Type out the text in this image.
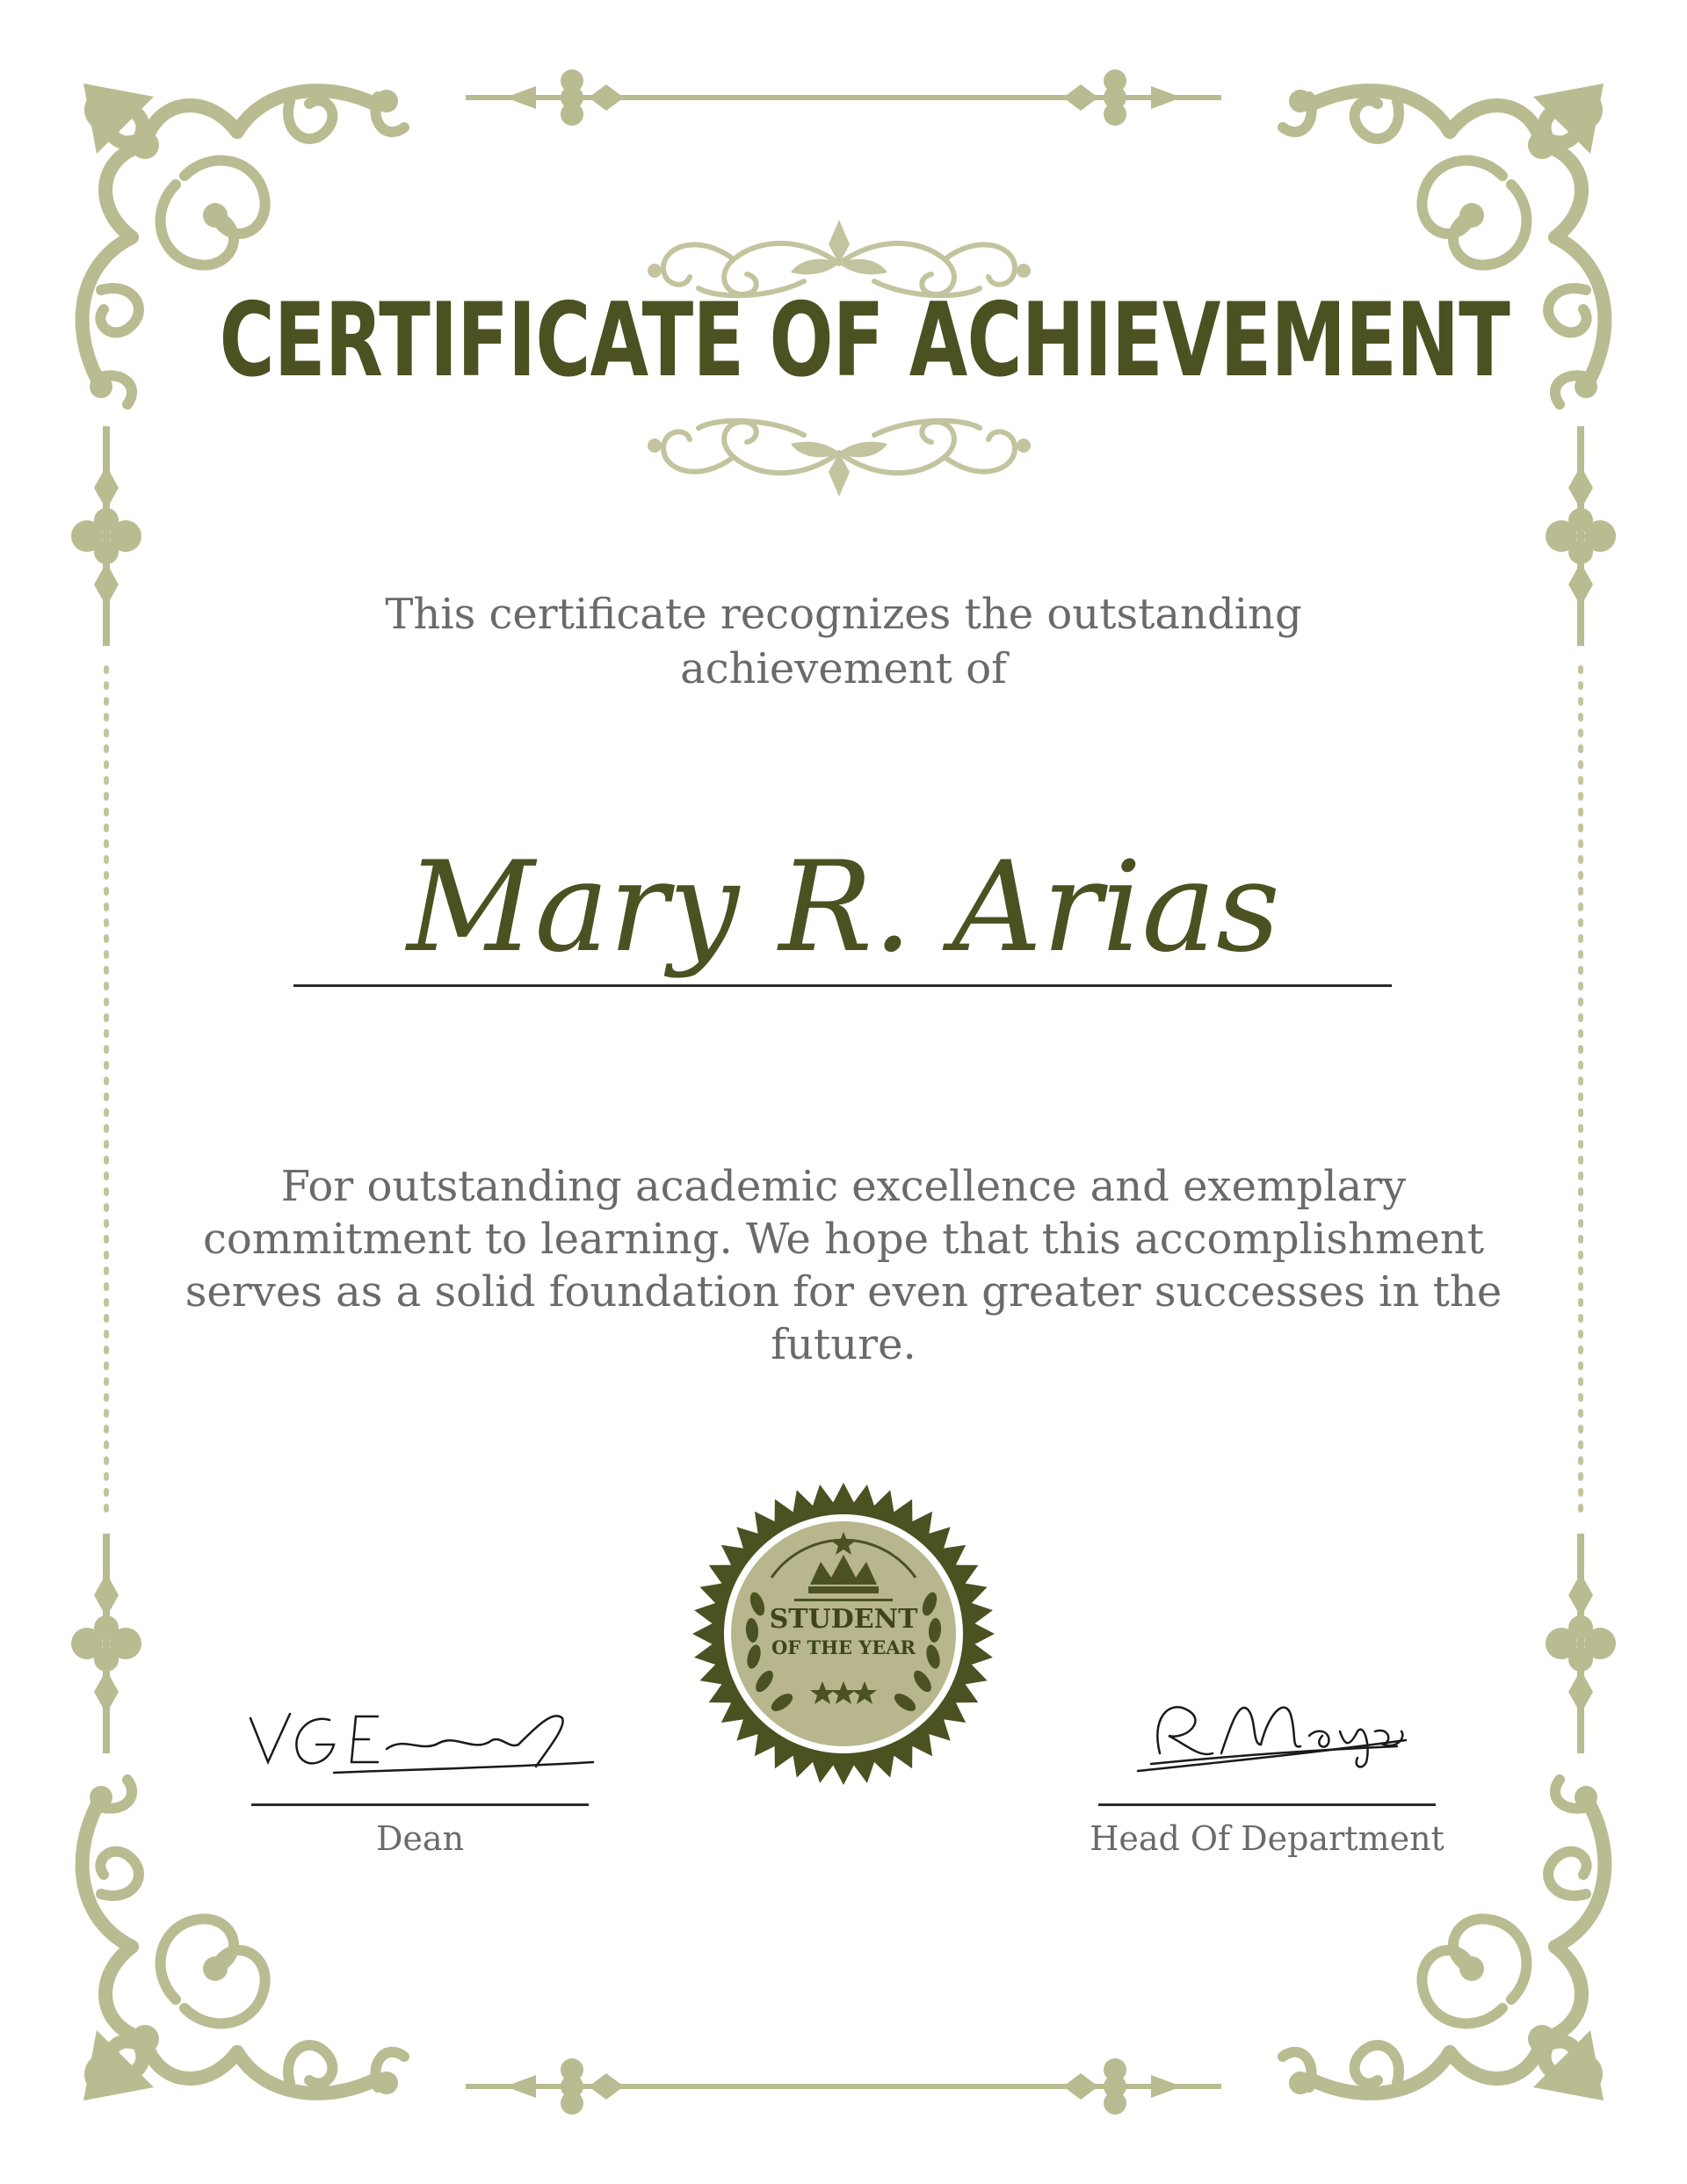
CERTIFICATE OF ACHIEVEMENT
This certificate recognizes the outstanding achievement of
Mary R. Arias
For outstanding academic excellence and exemplary commitment to learning. We hope that this accomplishment serves as a solid foundation for even greater successes in the future.
STUDENT
OF THE YEAR
Dean	Head Of Department
